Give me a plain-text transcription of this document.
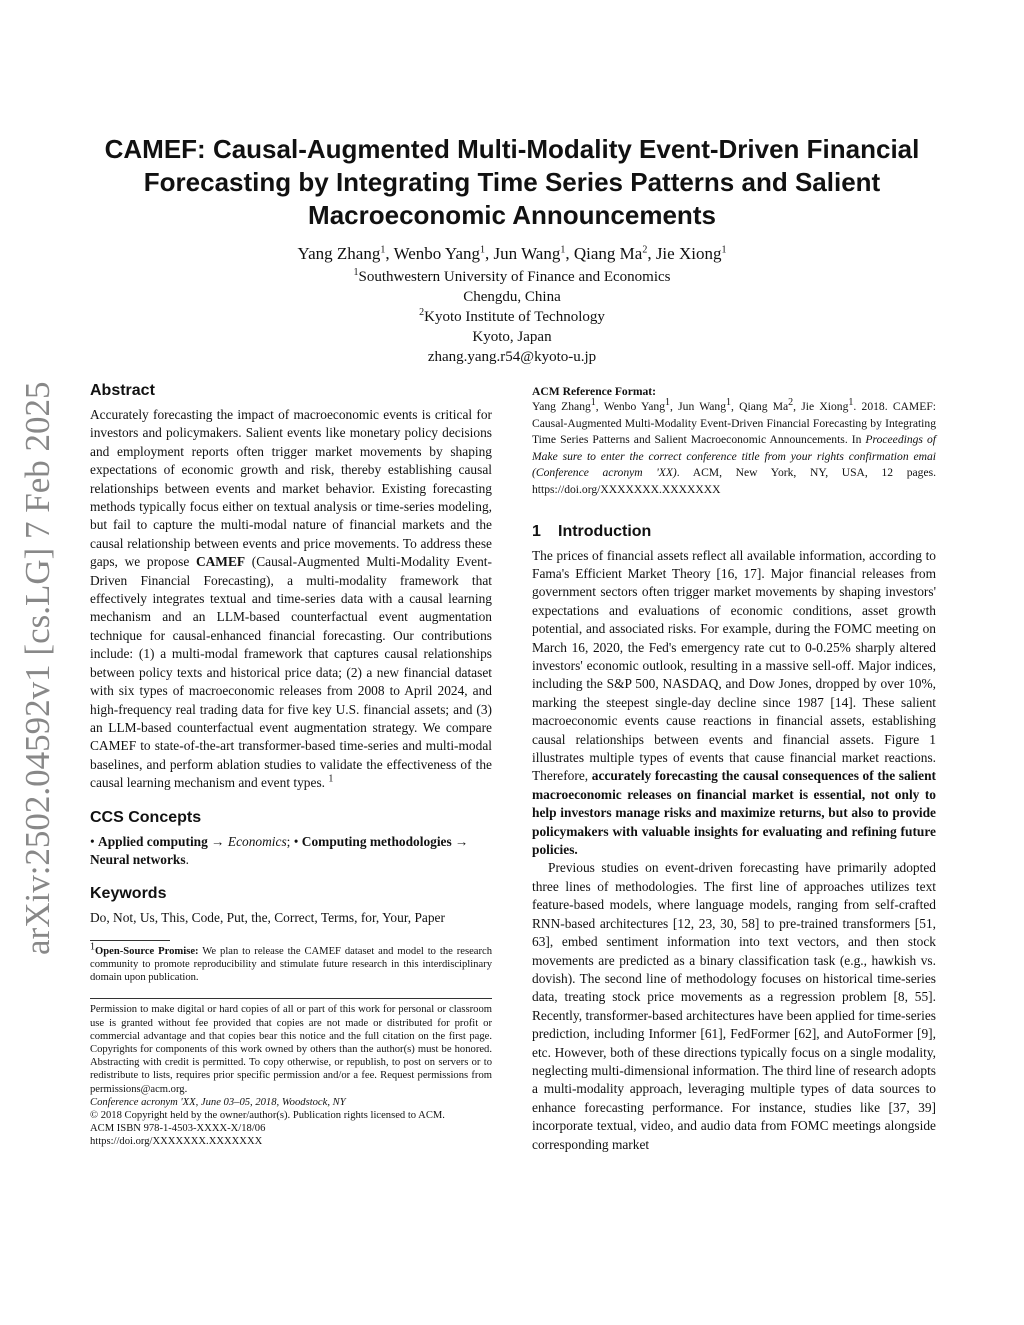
arXiv:2502.04592v1 [cs.LG] 7 Feb 2025
CAMEF: Causal-Augmented Multi-Modality Event-Driven Financial Forecasting by Integrating Time Series Patterns and Salient Macroeconomic Announcements
Yang Zhang$^1$, Wenbo Yang$^1$, Jun Wang$^1$, Qiang Ma$^2$, Jie Xiong$^1$
$^1$Southwestern University of Finance and Economics
Chengdu, China
$^2$Kyoto Institute of Technology
Kyoto, Japan
zhang.yang.r54@kyoto-u.jp
Abstract
Accurately forecasting the impact of macroeconomic events is critical for investors and policymakers. Salient events like monetary policy decisions and employment reports often trigger market movements by shaping expectations of economic growth and risk, thereby establishing causal relationships between events and market behavior. Existing forecasting methods typically focus either on textual analysis or time-series modeling, but fail to capture the multi-modal nature of financial markets and the causal relationship between events and price movements. To address these gaps, we propose CAMEF (Causal-Augmented Multi-Modality Event-Driven Financial Forecasting), a multi-modality framework that effectively integrates textual and time-series data with a causal learning mechanism and an LLM-based counterfactual event augmentation technique for causal-enhanced financial forecasting. Our contributions include: (1) a multi-modal framework that captures causal relationships between policy texts and historical price data; (2) a new financial dataset with six types of macroeconomic releases from 2008 to April 2024, and high-frequency real trading data for five key U.S. financial assets; and (3) an LLM-based counterfactual event augmentation strategy. We compare CAMEF to state-of-the-art transformer-based time-series and multi-modal baselines, and perform ablation studies to validate the effectiveness of the causal learning mechanism and event types. $^1$
CCS Concepts
• Applied computing → Economics; • Computing methodologies → Neural networks.
Keywords
Do, Not, Us, This, Code, Put, the, Correct, Terms, for, Your, Paper
$^1$Open-Source Promise: We plan to release the CAMEF dataset and model to the research community to promote reproducibility and stimulate future research in this interdisciplinary domain upon publication.
Permission to make digital or hard copies of all or part of this work for personal or classroom use is granted without fee provided that copies are not made or distributed for profit or commercial advantage and that copies bear this notice and the full citation on the first page. Copyrights for components of this work owned by others than the author(s) must be honored. Abstracting with credit is permitted. To copy otherwise, or republish, to post on servers or to redistribute to lists, requires prior specific permission and/or a fee. Request permissions from permissions@acm.org.
Conference acronym 'XX, June 03–05, 2018, Woodstock, NY
© 2018 Copyright held by the owner/author(s). Publication rights licensed to ACM.
ACM ISBN 978-1-4503-XXXX-X/18/06
https://doi.org/XXXXXXX.XXXXXXX
ACM Reference Format:
Yang Zhang$^1$, Wenbo Yang$^1$, Jun Wang$^1$, Qiang Ma$^2$, Jie Xiong$^1$. 2018. CAMEF: Causal-Augmented Multi-Modality Event-Driven Financial Forecasting by Integrating Time Series Patterns and Salient Macroeconomic Announcements. In Proceedings of Make sure to enter the correct conference title from your rights confirmation emai (Conference acronym 'XX). ACM, New York, NY, USA, 12 pages. https://doi.org/XXXXXXX.XXXXXXX
1 Introduction

The prices of financial assets reflect all available information, according to Fama's Efficient Market Theory [16, 17]. Major financial releases from government sectors often trigger market movements by shaping investors' expectations and evaluations of economic conditions, asset growth potential, and associated risks. For example, during the FOMC meeting on March 16, 2020, the Fed's emergency rate cut to 0-0.25% sharply altered investors' economic outlook, resulting in a massive sell-off. Major indices, including the S&P 500, NASDAQ, and Dow Jones, dropped by over 10%, marking the steepest single-day decline since 1987 [14]. These salient macroeconomic events cause reactions in financial assets, establishing causal relationships between events and financial assets. Figure 1 illustrates multiple types of events that cause financial market reactions. Therefore, accurately forecasting the causal consequences of the salient macroeconomic releases on financial market is essential, not only to help investors manage risks and maximize returns, but also to provide policymakers with valuable insights for evaluating and refining future policies.

Previous studies on event-driven forecasting have primarily adopted three lines of methodologies. The first line of approaches utilizes text feature-based models, where language models, ranging from self-crafted RNN-based architectures [12, 23, 30, 58] to pre-trained transformers [51, 63], embed sentiment information into text vectors, and then stock movements are predicted as a binary classification task (e.g., hawkish vs. dovish). The second line of methodology focuses on historical time-series data, treating stock price movements as a regression problem [8, 55]. Recently, transformer-based architectures have been applied for time-series prediction, including Informer [61], FedFormer [62], and AutoFormer [9], etc. However, both of these directions typically focus on a single modality, neglecting multi-dimensional information. The third line of research adopts a multi-modality approach, leveraging multiple types of data sources to enhance forecasting performance. For instance, studies like [37, 39] incorporate textual, video, and audio data from FOMC meetings alongside corresponding market
